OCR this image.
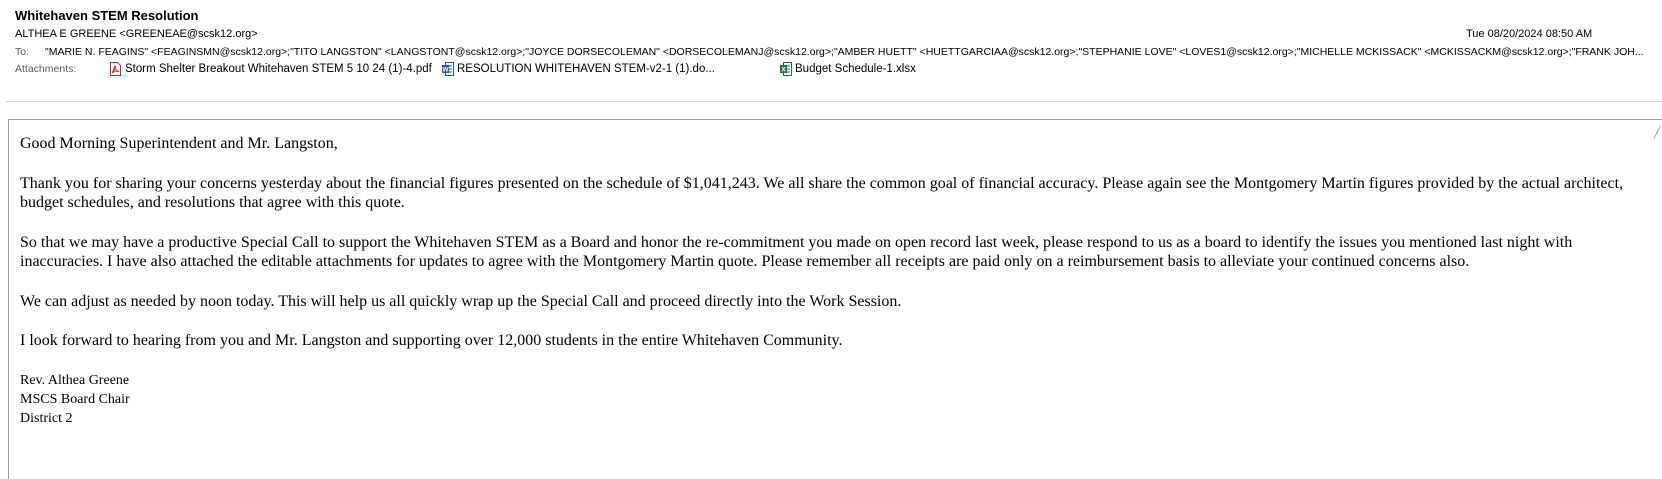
Whitehaven STEM Resolution
ALTHEA E GREENE <GREENEAE@scsk12.org>	Tue 08/20/2024 08:50 AM
To: "MARIE N. FEAGINS" <FEAGINSMN@scsk12.org>;"TITO LANGSTON" <LANGSTONT@scsk12.org>;"JOYCE DORSECOLEMAN" <DORSECOLEMANJ@scsk12.org>;"AMBER HUETT" <HUETTGARCIAA@scsk12.org>;"STEPHANIE LOVE" <LOVES1@scsk12.org>;"MICHELLE MCKISSACK" <MCKISSACKM@scsk12.org>;"FRANK JOH...
Attachments:	Storm Shelter Breakout Whitehaven STEM 5 10 24 (1)-4.pdf W RESOLUTION WHITEHAVEN STEM-v2-1 (1).do...	X Budget Schedule-1.xlsx
╱

Good Morning Superintendent and Mr. Langston,

Thank you for sharing your concerns yesterday about the financial figures presented on the schedule of $1,041,243. We all share the common goal of financial accuracy. Please again see the Montgomery Martin figures provided by the actual architect, budget schedules, and resolutions that agree with this quote.

So that we may have a productive Special Call to support the Whitehaven STEM as a Board and honor the re-commitment you made on open record last week, please respond to us as a board to identify the issues you mentioned last night with inaccuracies. I have also attached the editable attachments for updates to agree with the Montgomery Martin quote. Please remember all receipts are paid only on a reimbursement basis to alleviate your continued concerns also.

We can adjust as needed by noon today. This will help us all quickly wrap up the Special Call and proceed directly into the Work Session.

I look forward to hearing from you and Mr. Langston and supporting over 12,000 students in the entire Whitehaven Community.

Rev. Althea Greene
MSCS Board Chair
District 2
